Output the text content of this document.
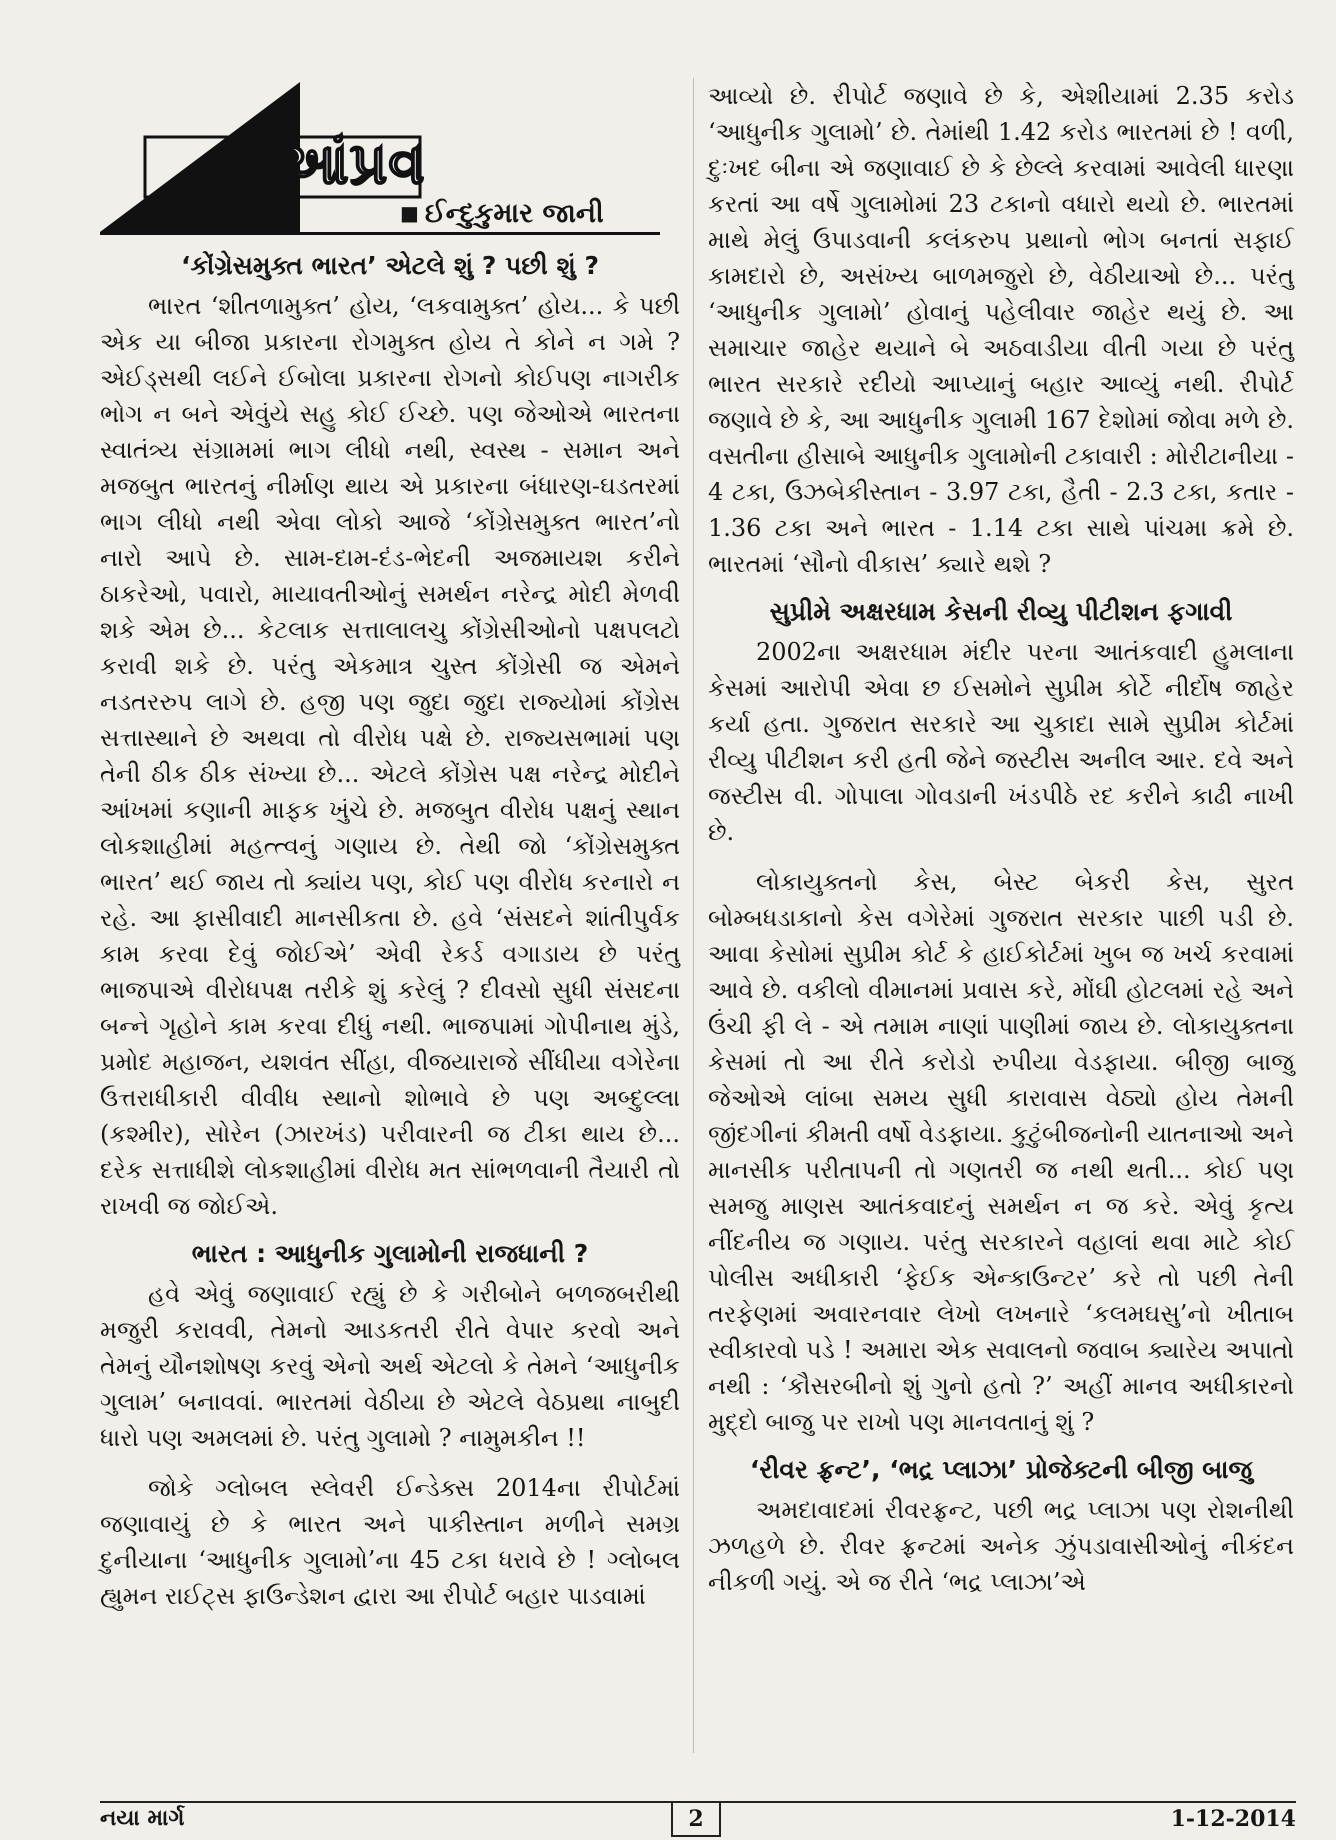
આંપ્રવ
■ ઈન્દુકુમાર જાની
‘કોંગ્રેસમુક્ત ભારત’ એટલે શું ? પછી શું ?

ભારત ‘શીતળામુક્ત’ હોય, ‘લકવામુક્ત’ હોય... કે પછી એક યા બીજા પ્રકારના રોગમુક્ત હોય તે કોને ન ગમે ? એઈડ્સથી લઈને ઈબોલા પ્રકારના રોગનો કોઈપણ નાગરીક ભોગ ન બને એવુંયે સહુ કોઈ ઈચ્છે. પણ જેઓએ ભારતના સ્વાતંત્ર્ય સંગ્રામમાં ભાગ લીધો નથી, સ્વસ્થ - સમાન અને મજબુત ભારતનું નીર્માણ થાય એ પ્રકારના બંધારણ-ઘડતરમાં ભાગ લીધો નથી એવા લોકો આજે ‘કોંગ્રેસમુક્ત ભારત’નો નારો આપે છે. સામ-દામ-દંડ-ભેદની અજમાયશ કરીને ઠાકરેઓ, પવારો, માયાવતીઓનું સમર્થન નરેન્દ્ર મોદી મેળવી શકે એમ છે... કેટલાક સત્તાલાલચુ કોંગ્રેસીઓનો પક્ષપલટો કરાવી શકે છે. પરંતુ એકમાત્ર ચુસ્ત કોંગ્રેસી જ એમને નડતરરુપ લાગે છે. હજી પણ જુદા જુદા રાજ્યોમાં કોંગ્રેસ સત્તાસ્થાને છે અથવા તો વીરોધ પક્ષે છે. રાજ્યસભામાં પણ તેની ઠીક ઠીક સંખ્યા છે... એટલે કોંગ્રેસ પક્ષ નરેન્દ્ર મોદીને આંખમાં કણાની માફક ખુંચે છે. મજબુત વીરોધ પક્ષનું સ્થાન લોકશાહીમાં મહત્ત્વનું ગણાય છે. તેથી જો ‘કોંગ્રેસમુક્ત ભારત’ થઈ જાય તો ક્યાંય પણ, કોઈ પણ વીરોધ કરનારો ન રહે. આ ફાસીવાદી માનસીકતા છે. હવે ‘સંસદને શાંતીપુર્વક કામ કરવા દેવું જોઈએ’ એવી રેકર્ડ વગાડાય છે પરંતુ ભાજપાએ વીરોધપક્ષ તરીકે શું કરેલું ? દીવસો સુધી સંસદના બન્ને ગૃહોને કામ કરવા દીધું નથી. ભાજપામાં ગોપીનાથ મુંડે, પ્રમોદ મહાજન, યશવંત સીંહા, વીજયારાજે સીંધીયા વગેરેના ઉત્તરાધીકારી વીવીધ સ્થાનો શોભાવે છે પણ અબ્દુલ્લા (કશ્મીર), સોરેન (ઝારખંડ) પરીવારની જ ટીકા થાય છે... દરેક સત્તાધીશે લોકશાહીમાં વીરોધ મત સાંભળવાની તૈયારી તો રાખવી જ જોઈએ.

ભારત : આધુનીક ગુલામોની રાજધાની ?

હવે એવું જણાવાઈ રહ્યું છે કે ગરીબોને બળજબરીથી મજુરી કરાવવી, તેમનો આડકતરી રીતે વેપાર કરવો અને તેમનું યૌનશોષણ કરવું એનો અર્થ એટલો કે તેમને ‘આધુનીક ગુલામ’ બનાવવાં. ભારતમાં વેઠીયા છે એટલે વેઠપ્રથા નાબુદી ધારો પણ અમલમાં છે. પરંતુ ગુલામો ? નામુમકીન !!

જોકે ગ્લોબલ સ્લેવરી ઈન્ડેક્સ 2014ના રીપોર્ટમાં જણાવાયું છે કે ભારત અને પાકીસ્તાન મળીને સમગ્ર દુનીયાના ‘આધુનીક ગુલામો’ના 45 ટકા ધરાવે છે ! ગ્લોબલ હ્યુમન રાઈટ્સ ફાઉન્ડેશન દ્વારા આ રીપોર્ટ બહાર પાડવામાં

આવ્યો છે. રીપોર્ટ જણાવે છે કે, એશીયામાં 2.35 કરોડ ‘આધુનીક ગુલામો’ છે. તેમાંથી 1.42 કરોડ ભારતમાં છે ! વળી, દુઃખદ બીના એ જણાવાઈ છે કે છેલ્લે કરવામાં આવેલી ધારણા કરતાં આ વર્ષે ગુલામોમાં 23 ટકાનો વધારો થયો છે. ભારતમાં માથે મેલું ઉપાડવાની કલંકરુપ પ્રથાનો ભોગ બનતાં સફાઈ કામદારો છે, અસંખ્ય બાળમજુરો છે, વેઠીયાઓ છે... પરંતુ ‘આધુનીક ગુલામો’ હોવાનું પહેલીવાર જાહેર થયું છે. આ સમાચાર જાહેર થયાને બે અઠવાડીયા વીતી ગયા છે પરંતુ ભારત સરકારે રદીયો આપ્યાનું બહાર આવ્યું નથી. રીપોર્ટ જણાવે છે કે, આ આધુનીક ગુલામી 167 દેશોમાં જોવા મળે છે. વસતીના હીસાબે આધુનીક ગુલામોની ટકાવારી : મોરીટાનીયા - 4 ટકા, ઉઝબેકીસ્તાન - 3.97 ટકા, હૈતી - 2.3 ટકા, કતાર - 1.36 ટકા અને ભારત - 1.14 ટકા સાથે પાંચમા ક્રમે છે. ભારતમાં ‘સૌનો વીકાસ’ ક્યારે થશે ?

સુપ્રીમે અક્ષરધામ કેસની રીવ્યુ પીટીશન ફગાવી

2002ના અક્ષરધામ મંદીર પરના આતંકવાદી હુમલાના કેસમાં આરોપી એવા છ ઈસમોને સુપ્રીમ કોર્ટે નીર્દોષ જાહેર કર્યા હતા. ગુજરાત સરકારે આ ચુકાદા સામે સુપ્રીમ કોર્ટમાં રીવ્યુ પીટીશન કરી હતી જેને જસ્ટીસ અનીલ આર. દવે અને જસ્ટીસ વી. ગોપાલા ગોવડાની ખંડપીઠે રદ કરીને કાઢી નાખી છે.

લોકાયુક્તનો કેસ, બેસ્ટ બેકરી કેસ, સુરત બોમ્બધડાકાનો કેસ વગેરેમાં ગુજરાત સરકાર પાછી પડી છે. આવા કેસોમાં સુપ્રીમ કોર્ટ કે હાઈકોર્ટમાં ખુબ જ ખર્ચ કરવામાં આવે છે. વકીલો વીમાનમાં પ્રવાસ કરે, મોંઘી હોટલમાં રહે અને ઉંચી ફી લે - એ તમામ નાણાં પાણીમાં જાય છે. લોકાયુક્તના કેસમાં તો આ રીતે કરોડો રુપીયા વેડફાયા. બીજી બાજુ જેઓએ લાંબા સમય સુધી કારાવાસ વેઠ્યો હોય તેમની જીંદગીનાં કીમતી વર્ષો વેડફાયા. કુટુંબીજનોની યાતનાઓ અને માનસીક પરીતાપની તો ગણતરી જ નથી થતી... કોઈ પણ સમજુ માણસ આતંકવાદનું સમર્થન ન જ કરે. એવું કૃત્ય નીંદનીય જ ગણાય. પરંતુ સરકારને વહાલાં થવા માટે કોઈ પોલીસ અધીકારી ‘ફેઈક એન્કાઉન્ટર’ કરે તો પછી તેની તરફેણમાં અવારનવાર લેખો લખનારે ‘કલમઘસુ’નો ખીતાબ સ્વીકારવો પડે ! અમારા એક સવાલનો જવાબ ક્યારેય અપાતો નથી : ‘કૌસરબીનો શું ગુનો હતો ?’ અહીં માનવ અધીકારનો મુદ્દો બાજુ પર રાખો પણ માનવતાનું શું ?

‘રીવર ફ્રન્ટ’, ‘ભદ્ર પ્લાઝા’ પ્રોજેક્ટની બીજી બાજુ

અમદાવાદમાં રીવરફ્રન્ટ, પછી ભદ્ર પ્લાઝા પણ રોશનીથી ઝળહળે છે. રીવર ફ્રન્ટમાં અનેક ઝુંપડાવાસીઓનું નીકંદન નીકળી ગયું. એ જ રીતે ‘ભદ્ર પ્લાઝા’એ

નયા માર્ગ	2	1-12-2014
